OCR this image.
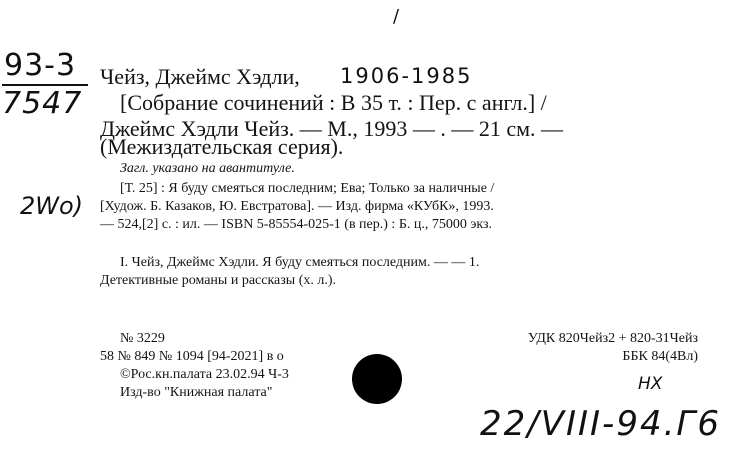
/
93-3
7547
2Wo)
Чейз, Джеймс Хэдли, 1906-1985
[Собрание сочинений : В 35 т. : Пер. с англ.] /
Джеймс Хэдли Чейз. — М., 1993 — . — 21 см. —
(Межиздательская серия).
Загл. указано на авантитуле.
[Т. 25] : Я буду смеяться последним; Ева; Только за наличные /
[Худож. Б. Казаков, Ю. Евстратова]. — Изд. фирма «КУбК», 1993.
— 524,[2] с. : ил. — ISBN 5-85554-025-1 (в пер.) : Б. ц., 75000 экз.
I. Чейз, Джеймс Хэдли. Я буду смеяться последним. — — 1.
Детективные романы и рассказы (х. л.).
№ 3229
58 № 849 № 1094 [94-2021] в о
©Рос.кн.палата 23.02.94 Ч-3
Изд-во "Книжная палата"
УДК 820Чейз2 + 820-31Чейз
ББК 84(4Вл)
HX
22/VIII-94.Г6
